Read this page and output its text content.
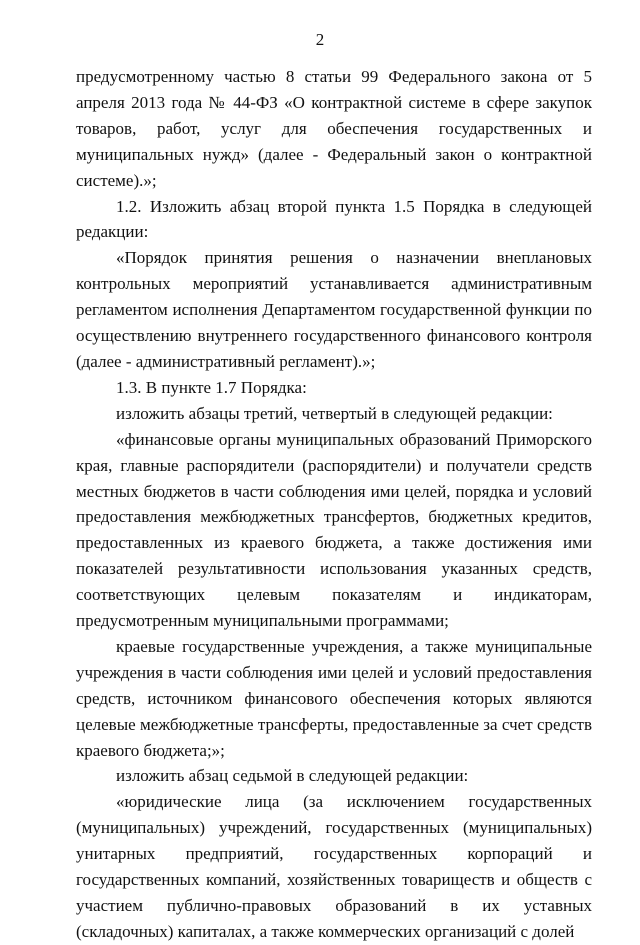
2

предусмотренному частью 8 статьи 99 Федерального закона от 5 апреля 2013 года № 44-ФЗ «О контрактной системе в сфере закупок товаров, работ, услуг для обеспечения государственных и муниципальных нужд» (далее - Федеральный закон о контрактной системе).»;

1.2. Изложить абзац второй пункта 1.5 Порядка в следующей редакции:

«Порядок принятия решения о назначении внеплановых контрольных мероприятий устанавливается административным регламентом исполнения Департаментом государственной функции по осуществлению внутреннего государственного финансового контроля (далее - административный регламент).»;

1.3. В пункте 1.7 Порядка:

изложить абзацы третий, четвертый в следующей редакции:

«финансовые органы муниципальных образований Приморского края, главные распорядители (распорядители) и получатели средств местных бюджетов в части соблюдения ими целей, порядка и условий предоставления межбюджетных трансфертов, бюджетных кредитов, предоставленных из краевого бюджета, а также достижения ими показателей результативности использования указанных средств, соответствующих целевым показателям и индикаторам, предусмотренным муниципальными программами;

краевые государственные учреждения, а также муниципальные учреждения в части соблюдения ими целей и условий предоставления средств, источником финансового обеспечения которых являются целевые межбюджетные трансферты, предоставленные за счет средств краевого бюджета;»;

изложить абзац седьмой в следующей редакции:

«юридические лица (за исключением государственных (муниципальных) учреждений, государственных (муниципальных) унитарных предприятий, государственных корпораций и государственных компаний, хозяйственных товариществ и обществ с участием публично-правовых образований в их уставных (складочных) капиталах, а также коммерческих организаций с долей
